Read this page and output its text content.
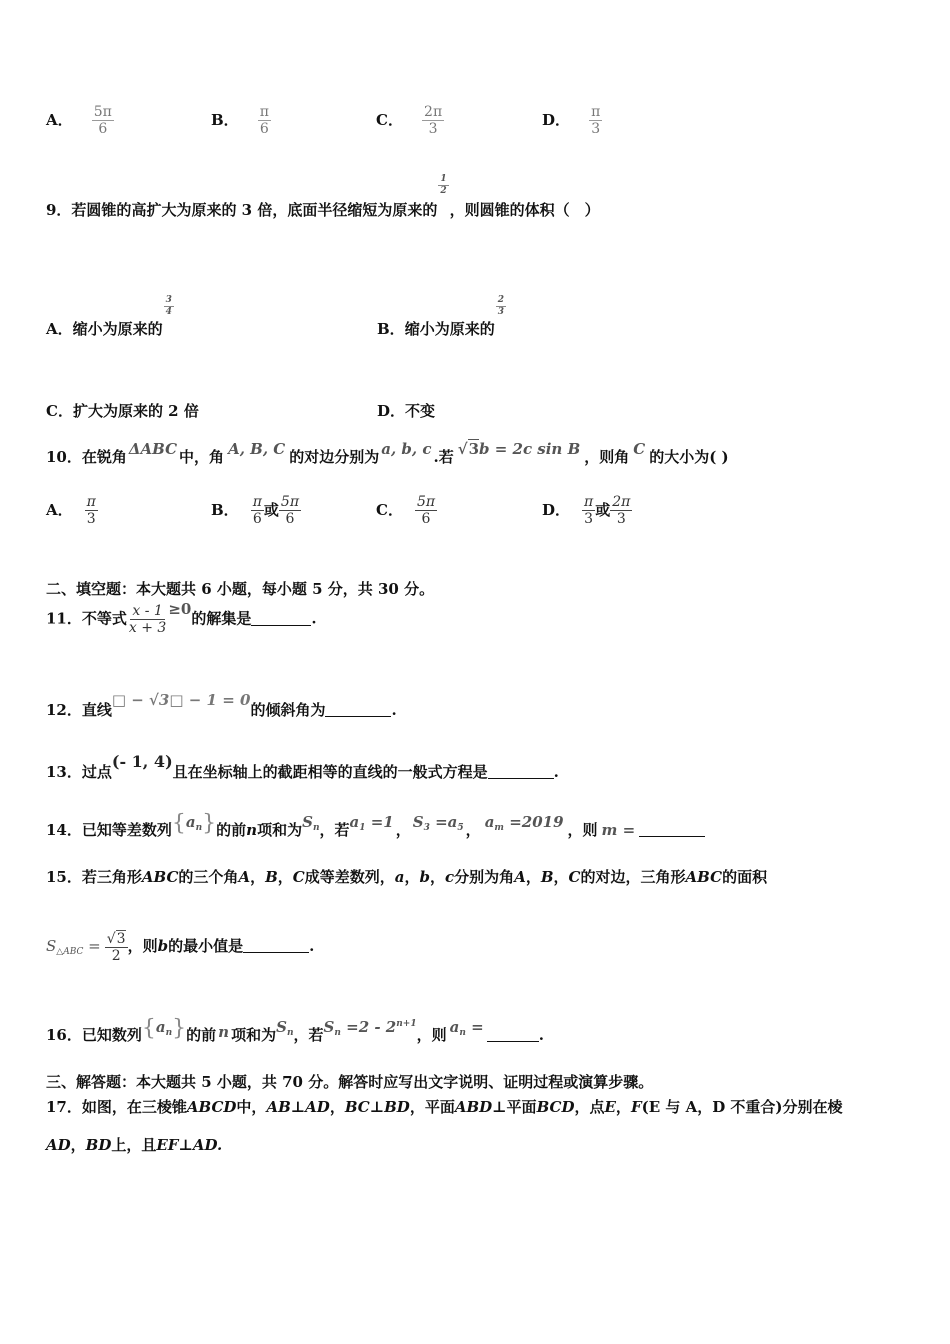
A． $\frac{5\pi}{6}$	B． $\frac{\pi}{6}$	C． $\frac{2\pi}{3}$	D． $\frac{\pi}{3}$
9．若圆锥的高扩大为原来的 3 倍，底面半径缩短为原来的
$\frac{1}{2}$
，则圆锥的体积（　）
A．缩小为原来的
$\frac{3}{4}$
B．缩小为原来的
$\frac{2}{3}$
C．扩大为原来的 2 倍	D．不变
10．在锐角 ΔABC 中，角 A, B, C 的对边分别为 a, b, c .若 √3b = 2c sin B ，则角 C 的大小为( )
A． $\frac{\pi}{3}$	B． $\frac{\pi}{6}$ 或 $\frac{5\pi}{6}$	C． $\frac{5\pi}{6}$	D． $\frac{\pi}{3}$ 或 $\frac{2\pi}{3}$
二、填空题：本大题共 6 小题，每小题 5 分，共 30 分。
11．不等式 $\frac{x - 1}{x + 3} \ge 0$的解集是	.
12．直线□ − √3□ − 1 = 0的倾斜角为	.
13．过点(- 1, 4)且在坐标轴上的截距相等的直线的一般式方程是	.
14．已知等差数列$\{a_n\}$的前n项和为$S_n$，若$a_1 =1$ ， $S_3 =a_5$ ， $a_m =2019$ ，则 m =
15．若三角形ABC的三个角A，B，C成等差数列，a，b，c分别为角A，B，C的对边，三角形ABC的面积
$S_{\triangle ABC} = \frac{√3}{2}$ ，则b的最小值是	.
16．已知数列$\{a_n\}$的前 n 项和为$S_n$，若$S_n =2 - 2^{n+1}$，则 $a_n$ =	.
三、解答题：本大题共 5 小题，共 70 分。解答时应写出文字说明、证明过程或演算步骤。
17．如图，在三棱锥ABCD中，AB⊥AD，BC⊥BD，平面ABD⊥平面BCD，点E，F(E 与 A，D 不重合)分别在棱
AD，BD上，且EF⊥AD.
